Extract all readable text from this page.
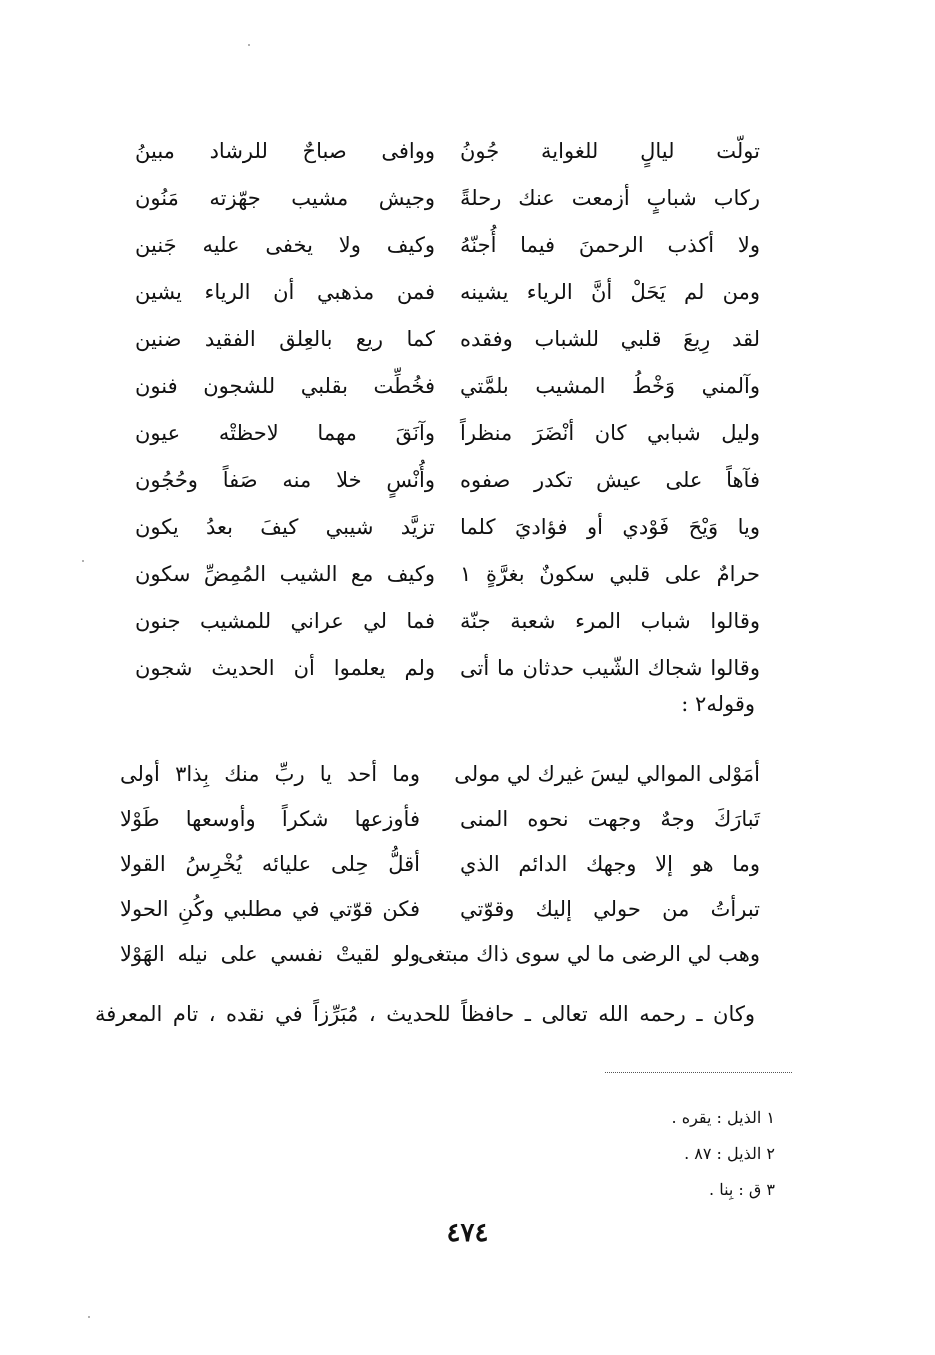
تولّت ليالٍ للغواية جُونُ
ووافى صباحٌ للرشاد مبينُ
ركاب شبابٍ أزمعت عنك رحلةً
وجيش مشيب جهّزته مَنُون
ولا أكذب الرحمنَ فيما أُجنّهُ
وكيف ولا يخفى عليه جَنين
ومن لم يَحَلْ أنَّ الرياء يشينه
فمن مذهبي أن الرياء يشين
لقد رِيعَ قلبي للشباب وفقده
كما ريع بالعِلق الفقيد ضنين
وآلمني وَخْطُ المشيب بلمَّتي
فخُطِّت بقلبي للشجون فنون
وليل شبابي كان أنْضَرَ منظراً
وآنَقَ مهما لاحظتْه عيون
فآهاً على عيش تكدر صفوه
وأُنْسٍ خلا منه صَفاً وحُجُون
ويا وَيْحَ فَوْدي أو فؤاديَ كلما
تزيَّد شيبي كيفَ بعدُ يكون
حرامٌ على قلبي سكونٌ بغرَّةٍ ١
وكيف مع الشيب المُمِضِّ سكون
وقالوا شباب المرء شعبة جنّة
فما لي عراني للمشيب جنون
وقالوا شجاك الشّيب حدثان ما أتى
ولم يعلموا أن الحديث شجون
وقوله٢ :
أمَوْلى الموالي ليسَ غيرك لي مولى
وما أحد يا ربِّ منك بِذا٣ أولى
تَبارَكَ وجهٌ وجهت نحوه المنى
فأوزعها شكراً وأوسعها طَوْلا
وما هو إلا وجهك الدائم الذي
أقلُّ حِلى عليائه يُخْرِسُ القولا
تبرأتُ من حولي إليك وقوّتي
فكن قوّتي في مطلبي وكُنِ الحولا
وهب لي الرضى ما لي سوى ذاك مبتغى
ولو لقيتْ نفسي على نيله الهَوْلا
وكان ـ رحمه الله تعالى ـ حافظاً للحديث ، مُبَرِّزاً في نقده ، تام المعرفة
١ الذيل : يقره .
٢ الذيل : ٨٧ .
٣ ق : بِنا .
٤٧٤
